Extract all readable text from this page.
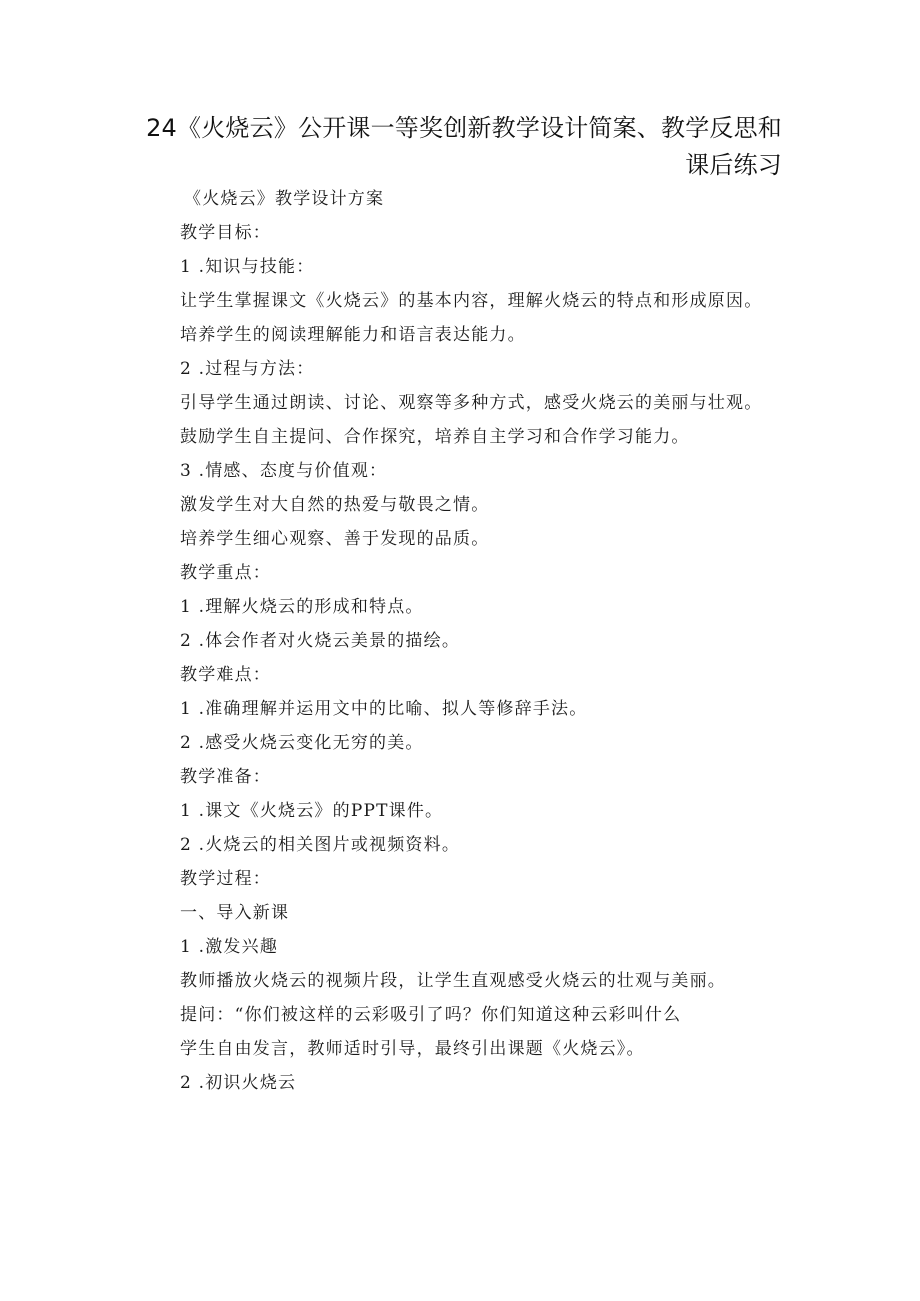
24《火烧云》公开课一等奖创新教学设计简案、教学反思和课后练习
《火烧云》教学设计方案
教学目标：
1 .知识与技能：
让学生掌握课文《火烧云》的基本内容，理解火烧云的特点和形成原因。
培养学生的阅读理解能力和语言表达能力。
2 .过程与方法：
引导学生通过朗读、讨论、观察等多种方式，感受火烧云的美丽与壮观。
鼓励学生自主提问、合作探究，培养自主学习和合作学习能力。
3 .情感、态度与价值观：
激发学生对大自然的热爱与敬畏之情。
培养学生细心观察、善于发现的品质。
教学重点：
1 .理解火烧云的形成和特点。
2 .体会作者对火烧云美景的描绘。
教学难点：
1 .准确理解并运用文中的比喻、拟人等修辞手法。
2 .感受火烧云变化无穷的美。
教学准备：
1 .课文《火烧云》的PPT课件。
2 .火烧云的相关图片或视频资料。
教学过程：
一、导入新课
1 .激发兴趣
教师播放火烧云的视频片段，让学生直观感受火烧云的壮观与美丽。
提问：“你们被这样的云彩吸引了吗？你们知道这种云彩叫什么
学生自由发言，教师适时引导，最终引出课题《火烧云》。
2 .初识火烧云
